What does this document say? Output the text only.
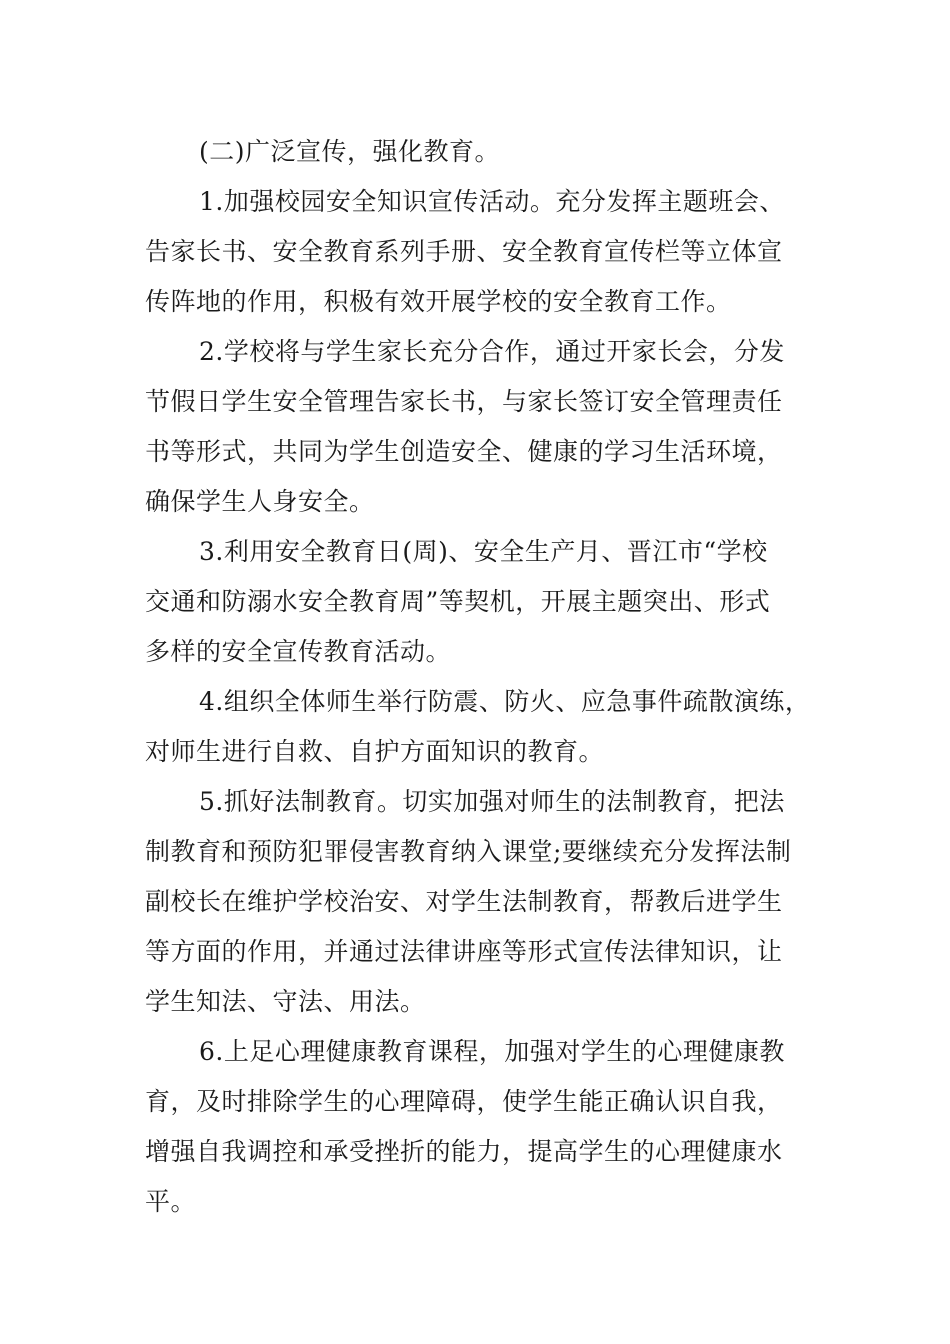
(二)广泛宣传，强化教育。
1.加强校园安全知识宣传活动。充分发挥主题班会、
告家长书、安全教育系列手册、安全教育宣传栏等立体宣
传阵地的作用，积极有效开展学校的安全教育工作。
2.学校将与学生家长充分合作，通过开家长会，分发
节假日学生安全管理告家长书，与家长签订安全管理责任
书等形式，共同为学生创造安全、健康的学习生活环境，
确保学生人身安全。
3.利用安全教育日(周)、安全生产月、晋江市“学校
交通和防溺水安全教育周”等契机，开展主题突出、形式
多样的安全宣传教育活动。
4.组织全体师生举行防震、防火、应急事件疏散演练，
对师生进行自救、自护方面知识的教育。
5.抓好法制教育。切实加强对师生的法制教育，把法
制教育和预防犯罪侵害教育纳入课堂;要继续充分发挥法制
副校长在维护学校治安、对学生法制教育，帮教后进学生
等方面的作用，并通过法律讲座等形式宣传法律知识，让
学生知法、守法、用法。
6.上足心理健康教育课程，加强对学生的心理健康教
育，及时排除学生的心理障碍，使学生能正确认识自我，
增强自我调控和承受挫折的能力，提高学生的心理健康水
平。
